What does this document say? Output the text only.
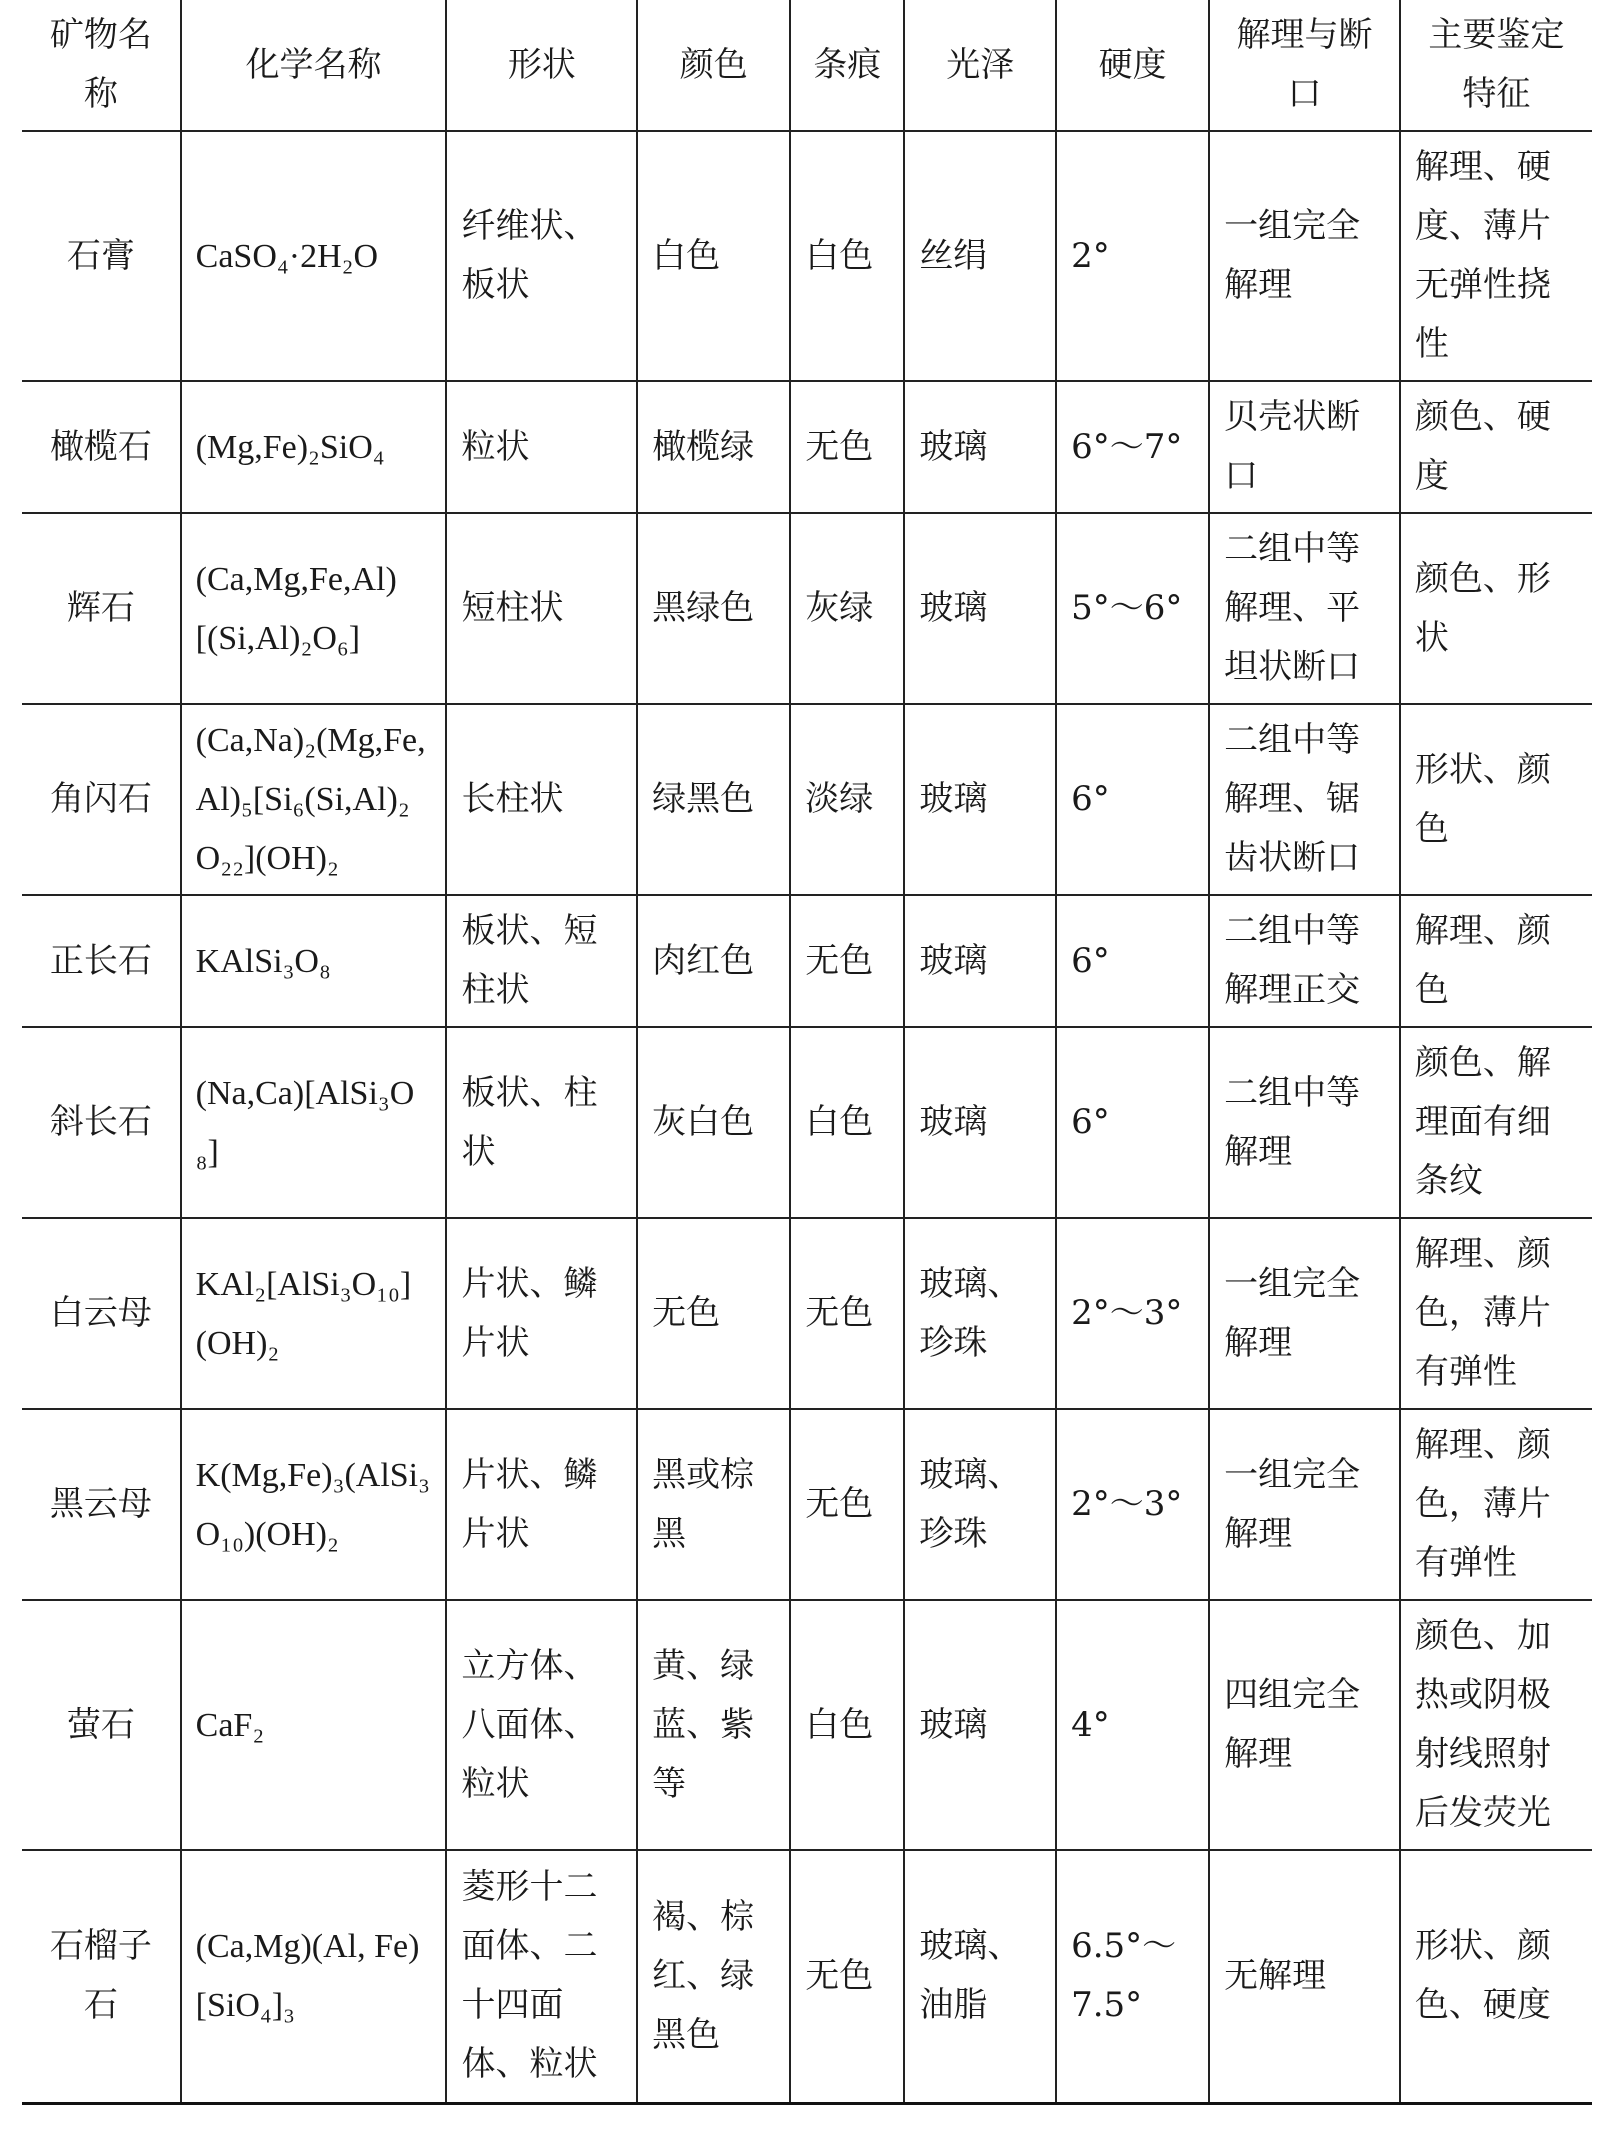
矿物名称	化学名称	形状	颜色	条痕	光泽	硬度	解理与断口	主要鉴定特征
石膏	CaSO₄·2H₂O	纤维状、板状	白色	白色	丝绢	2°	一组完全解理	解理、硬度、薄片无弹性挠性
橄榄石	(Mg,Fe)₂SiO₄	粒状	橄榄绿	无色	玻璃	6°～7°	贝壳状断口	颜色、硬度
辉石	(Ca,Mg,Fe,Al)[(Si,Al)₂O₆]	短柱状	黑绿色	灰绿	玻璃	5°～6°	二组中等解理、平坦状断口	颜色、形状
角闪石	(Ca,Na)₂(Mg,Fe,Al)₅[Si₆(Si,Al)₂O₂₂](OH)₂	长柱状	绿黑色	淡绿	玻璃	6°	二组中等解理、锯齿状断口	形状、颜色
正长石	KAlSi₃O₈	板状、短柱状	肉红色	无色	玻璃	6°	二组中等解理正交	解理、颜色
斜长石	(Na,Ca)[AlSi₃O₈]	板状、柱状	灰白色	白色	玻璃	6°	二组中等解理	颜色、解理面有细条纹
白云母	KAl₂[AlSi₃O₁₀](OH)₂	片状、鳞片状	无色	无色	玻璃、珍珠	2°～3°	一组完全解理	解理、颜色，薄片有弹性
黑云母	K(Mg,Fe)₃(AlSi₃O₁₀)(OH)₂	片状、鳞片状	黑或棕黑	无色	玻璃、珍珠	2°～3°	一组完全解理	解理、颜色，薄片有弹性
萤石	CaF₂	立方体、八面体、粒状	黄、绿蓝、紫等	白色	玻璃	4°	四组完全解理	颜色、加热或阴极射线照射后发荧光
石榴子石	(Ca,Mg)(Al, Fe)[SiO₄]₃	菱形十二面体、二十四面体、粒状	褐、棕红、绿黑色	无色	玻璃、油脂	6.5°～7.5°	无解理	形状、颜色、硬度
